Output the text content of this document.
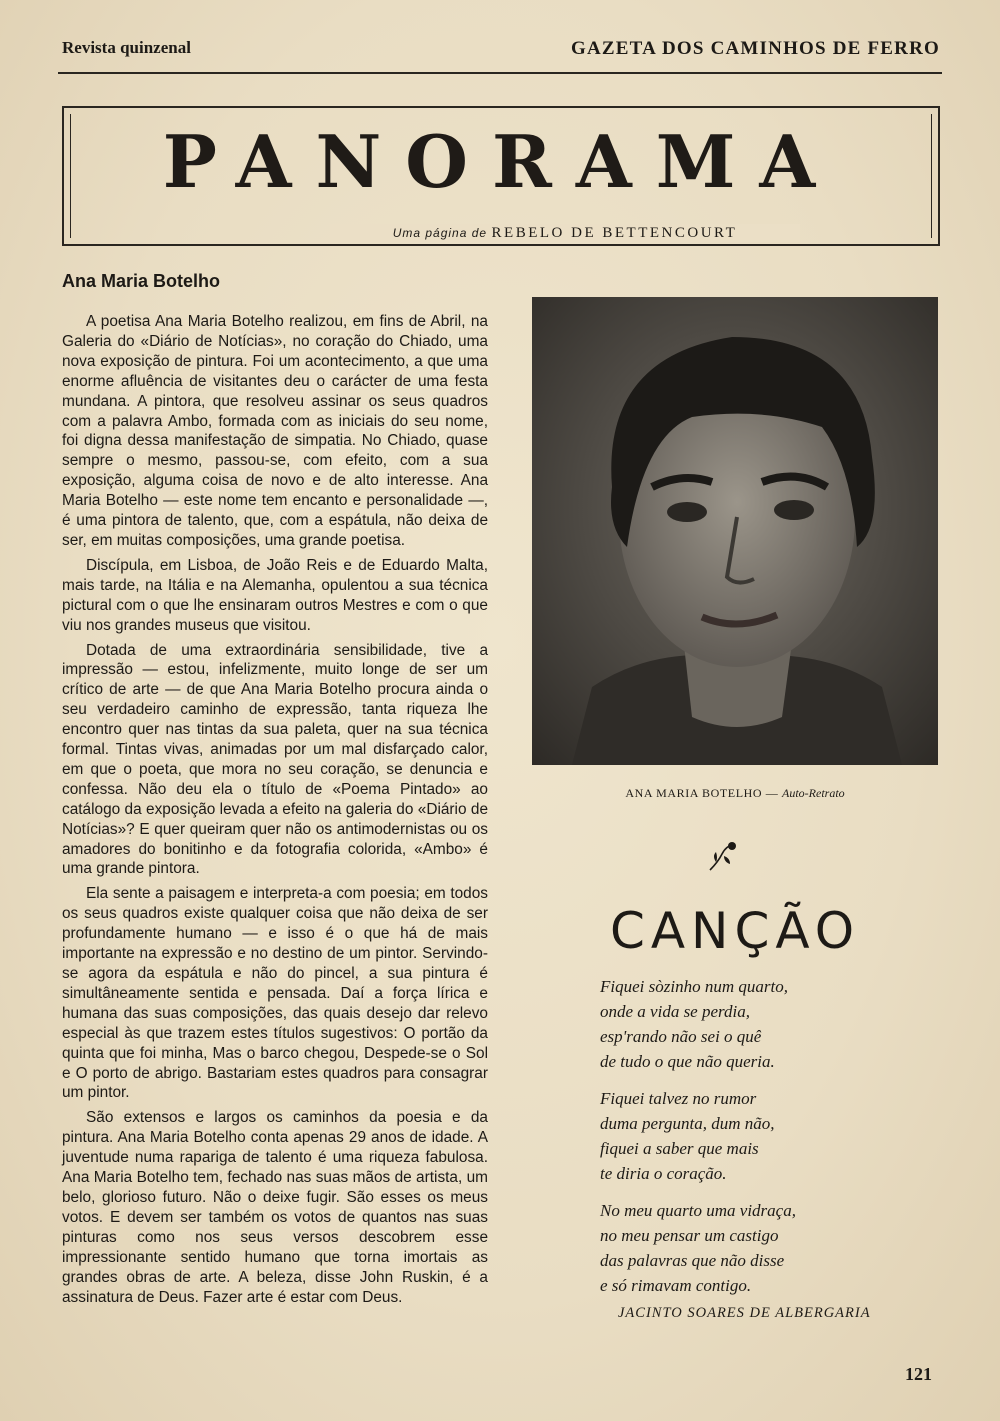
Revista quinzenal	GAZETA DOS CAMINHOS DE FERRO
PANORAMA
Uma página de REBELO DE BETTENCOURT
Ana Maria Botelho

A poetisa Ana Maria Botelho realizou, em fins de Abril, na Galeria do «Diário de Notícias», no coração do Chiado, uma nova exposição de pintura. Foi um acontecimento, a que uma enorme afluência de visitantes deu o carácter de uma festa mundana. A pintora, que resolveu assinar os seus quadros com a palavra Ambo, formada com as iniciais do seu nome, foi digna dessa manifestação de simpatia. No Chiado, quase sempre o mesmo, passou-se, com efeito, com a sua exposição, alguma coisa de novo e de alto interesse. Ana Maria Botelho — este nome tem encanto e personalidade —, é uma pintora de talento, que, com a espátula, não deixa de ser, em muitas composições, uma grande poetisa.

Discípula, em Lisboa, de João Reis e de Eduardo Malta, mais tarde, na Itália e na Alemanha, opulentou a sua técnica pictural com o que lhe ensinaram outros Mestres e com o que viu nos grandes museus que visitou.

Dotada de uma extraordinária sensibilidade, tive a impressão — estou, infelizmente, muito longe de ser um crítico de arte — de que Ana Maria Botelho procura ainda o seu verdadeiro caminho de expressão, tanta riqueza lhe encontro quer nas tintas da sua paleta, quer na sua técnica formal. Tintas vivas, animadas por um mal disfarçado calor, em que o poeta, que mora no seu coração, se denuncia e confessa. Não deu ela o título de «Poema Pintado» ao catálogo da exposição levada a efeito na galeria do «Diário de Notícias»? E quer queiram quer não os antimodernistas ou os amadores do bonitinho e da fotografia colorida, «Ambo» é uma grande pintora.

Ela sente a paisagem e interpreta-a com poesia; em todos os seus quadros existe qualquer coisa que não deixa de ser profundamente humano — e isso é o que há de mais importante na expressão e no destino de um pintor. Servindo-se agora da espátula e não do pincel, a sua pintura é simultâneamente sentida e pensada. Daí a força lírica e humana das suas composições, das quais desejo dar relevo especial às que trazem estes títulos sugestivos: O portão da quinta que foi minha, Mas o barco chegou, Despede-se o Sol e O porto de abrigo. Bastariam estes quadros para consagrar um pintor.

São extensos e largos os caminhos da poesia e da pintura. Ana Maria Botelho conta apenas 29 anos de idade. A juventude numa rapariga de talento é uma riqueza fabulosa. Ana Maria Botelho tem, fechado nas suas mãos de artista, um belo, glorioso futuro. Não o deixe fugir. São esses os meus votos. E devem ser também os votos de quantos nas suas pinturas como nos seus versos descobrem esse impressionante sentido humano que torna imortais as grandes obras de arte. A beleza, disse John Ruskin, é a assinatura de Deus. Fazer arte é estar com Deus.

ANA MARIA BOTELHO — Auto-Retrato
CANÇÃO
Fiquei sòzinho num quarto,
onde a vida se perdia,
esp'rando não sei o quê
de tudo o que não queria.
Fiquei talvez no rumor
duma pergunta, dum não,
fiquei a saber que mais
te diria o coração.
No meu quarto uma vidraça,
no meu pensar um castigo
das palavras que não disse
e só rimavam contigo.
JACINTO SOARES DE ALBERGARIA
121
